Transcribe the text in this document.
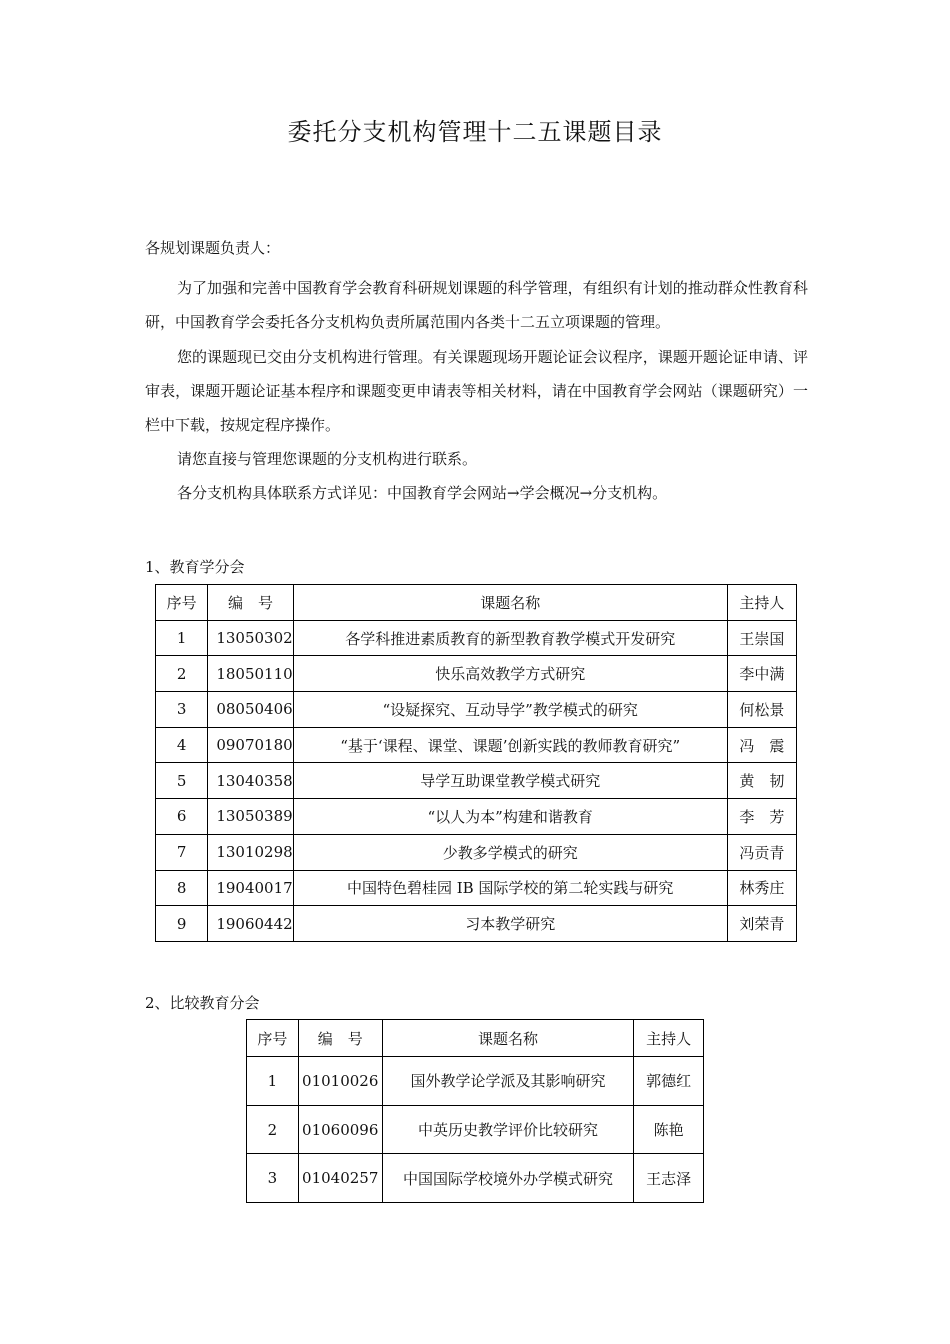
委托分支机构管理十二五课题目录
各规划课题负责人：
为了加强和完善中国教育学会教育科研规划课题的科学管理，有组织有计划的推动群众性教育科研，中国教育学会委托各分支机构负责所属范围内各类十二五立项课题的管理。
您的课题现已交由分支机构进行管理。有关课题现场开题论证会议程序，课题开题论证申请、评审表，课题开题论证基本程序和课题变更申请表等相关材料，请在中国教育学会网站（课题研究）一栏中下载，按规定程序操作。
请您直接与管理您课题的分支机构进行联系。
各分支机构具体联系方式详见：中国教育学会网站→学会概况→分支机构。
1、教育学分会
序号	编　号	课题名称	主持人
1	13050302	各学科推进素质教育的新型教育教学模式开发研究	王崇国
2	18050110	快乐高效教学方式研究	李中满
3	08050406	“设疑探究、互动导学”教学模式的研究	何松景
4	09070180	“基于‘课程、课堂、课题’创新实践的教师教育研究”	冯　震
5	13040358	导学互助课堂教学模式研究	黄　韧
6	13050389	“以人为本”构建和谐教育	李　芳
7	13010298	少教多学模式的研究	冯贡青
8	19040017	中国特色碧桂园 IB 国际学校的第二轮实践与研究	林秀庄
9	19060442	习本教学研究	刘荣青
2、比较教育分会
序号	编　号	课题名称	主持人
1	01010026	国外教学论学派及其影响研究	郭德红
2	01060096	中英历史教学评价比较研究	陈艳
3	01040257	中国国际学校境外办学模式研究	王志泽
